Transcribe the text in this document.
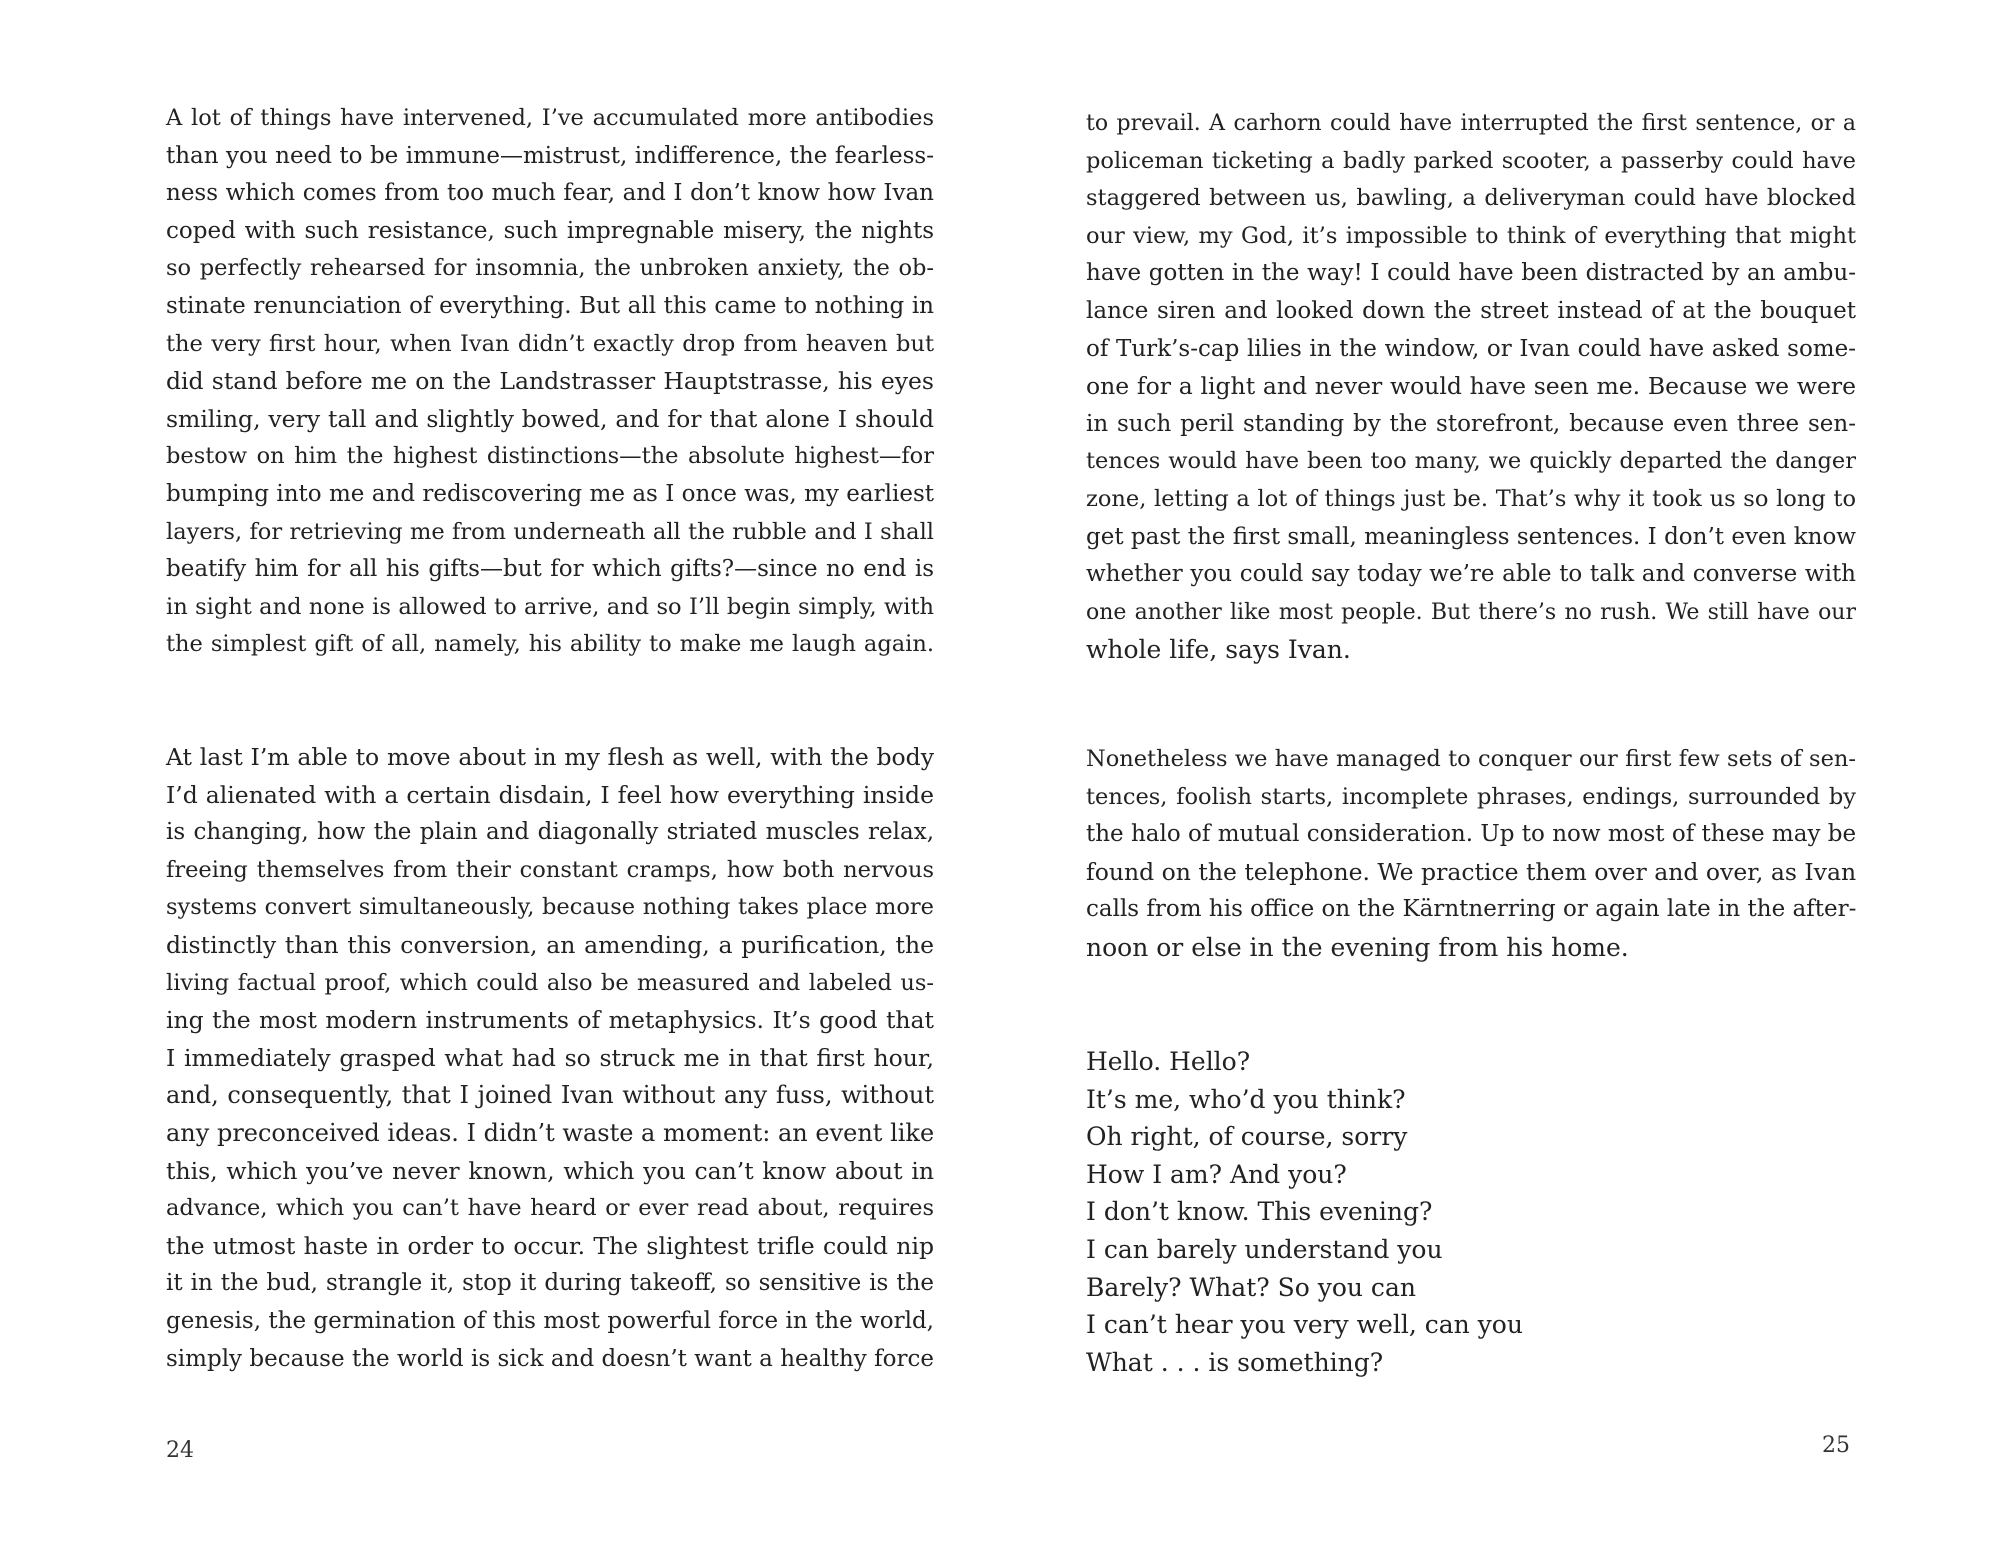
A lot of things have intervened, I’ve accumulated more antibodies
than you need to be immune—mistrust, indifference, the fearless-
ness which comes from too much fear, and I don’t know how Ivan
coped with such resistance, such impregnable misery, the nights
so perfectly rehearsed for insomnia, the unbroken anxiety, the ob-
stinate renunciation of everything. But all this came to nothing in
the very first hour, when Ivan didn’t exactly drop from heaven but
did stand before me on the Landstrasser Hauptstrasse, his eyes
smiling, very tall and slightly bowed, and for that alone I should
bestow on him the highest distinctions—the absolute highest—for
bumping into me and rediscovering me as I once was, my earliest
layers, for retrieving me from underneath all the rubble and I shall
beatify him for all his gifts—but for which gifts?—since no end is
in sight and none is allowed to arrive, and so I’ll begin simply, with
the simplest gift of all, namely, his ability to make me laugh again.
At last I’m able to move about in my flesh as well, with the body
I’d alienated with a certain disdain, I feel how everything inside
is changing, how the plain and diagonally striated muscles relax,
freeing themselves from their constant cramps, how both nervous
systems convert simultaneously, because nothing takes place more
distinctly than this conversion, an amending, a purification, the
living factual proof, which could also be measured and labeled us-
ing the most modern instruments of metaphysics. It’s good that
I immediately grasped what had so struck me in that first hour,
and, consequently, that I joined Ivan without any fuss, without
any preconceived ideas. I didn’t waste a moment: an event like
this, which you’ve never known, which you can’t know about in
advance, which you can’t have heard or ever read about, requires
the utmost haste in order to occur. The slightest trifle could nip
it in the bud, strangle it, stop it during takeoff, so sensitive is the
genesis, the germination of this most powerful force in the world,
simply because the world is sick and doesn’t want a healthy force
24
to prevail. A carhorn could have interrupted the first sentence, or a
policeman ticketing a badly parked scooter, a passerby could have
staggered between us, bawling, a deliveryman could have blocked
our view, my God, it’s impossible to think of everything that might
have gotten in the way! I could have been distracted by an ambu-
lance siren and looked down the street instead of at the bouquet
of Turk’s-cap lilies in the window, or Ivan could have asked some-
one for a light and never would have seen me. Because we were
in such peril standing by the storefront, because even three sen-
tences would have been too many, we quickly departed the danger
zone, letting a lot of things just be. That’s why it took us so long to
get past the first small, meaningless sentences. I don’t even know
whether you could say today we’re able to talk and converse with
one another like most people. But there’s no rush. We still have our
whole life, says Ivan.
Nonetheless we have managed to conquer our first few sets of sen-
tences, foolish starts, incomplete phrases, endings, surrounded by
the halo of mutual consideration. Up to now most of these may be
found on the telephone. We practice them over and over, as Ivan
calls from his office on the Kärntnerring or again late in the after-
noon or else in the evening from his home.
Hello. Hello?
It’s me, who’d you think?
Oh right, of course, sorry
How I am? And you?
I don’t know. This evening?
I can barely understand you
Barely? What? So you can
I can’t hear you very well, can you
What . . . is something?
25
